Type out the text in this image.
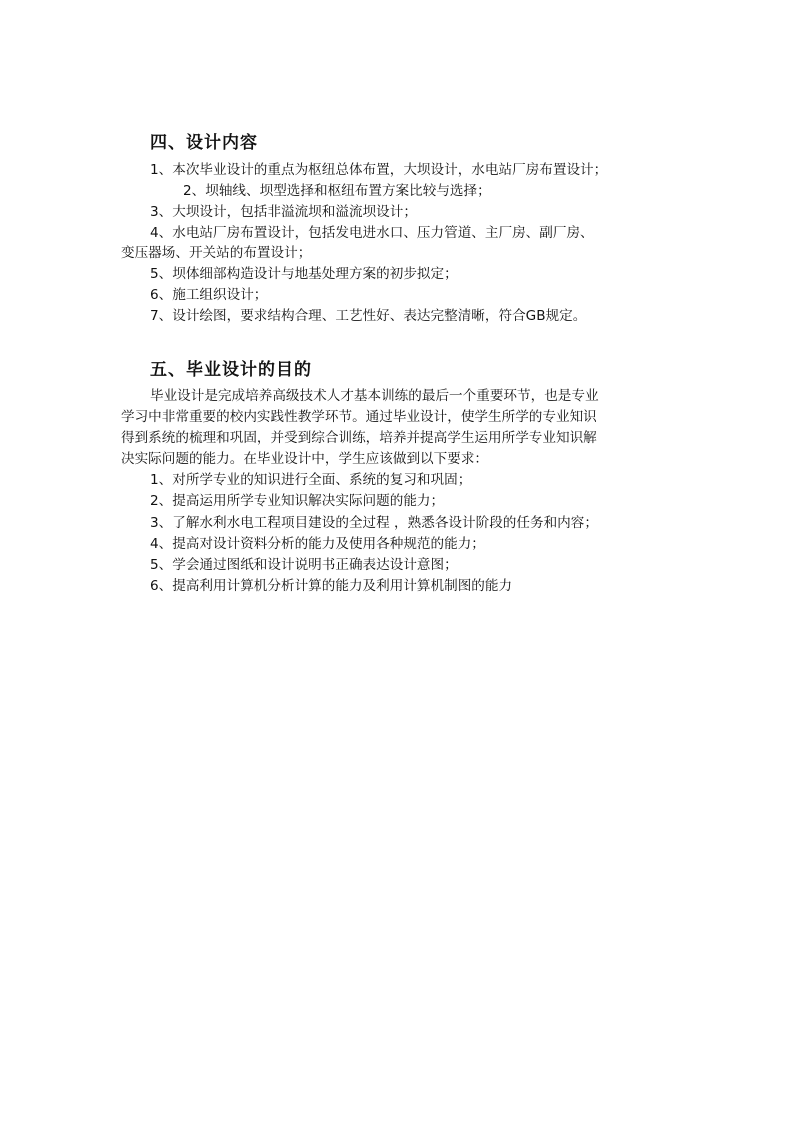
四、设计内容
1、本次毕业设计的重点为枢纽总体布置，大坝设计，水电站厂房布置设计；
2、坝轴线、坝型选择和枢纽布置方案比较与选择；
3、大坝设计，包括非溢流坝和溢流坝设计；
4、水电站厂房布置设计，包括发电进水口、压力管道、主厂房、副厂房、
变压器场、开关站的布置设计；
5、坝体细部构造设计与地基处理方案的初步拟定；
6、施工组织设计；
7、设计绘图，要求结构合理、工艺性好、表达完整清晰，符合GB规定。
五、毕业设计的目的
毕业设计是完成培养高级技术人才基本训练的最后一个重要环节，也是专业
学习中非常重要的校内实践性教学环节。通过毕业设计，使学生所学的专业知识
得到系统的梳理和巩固，并受到综合训练，培养并提高学生运用所学专业知识解
决实际问题的能力。在毕业设计中，学生应该做到以下要求：
1、对所学专业的知识进行全面、系统的复习和巩固；
2、提高运用所学专业知识解决实际问题的能力；
3、了解水利水电工程项目建设的全过程 ，熟悉各设计阶段的任务和内容；
4、提高对设计资料分析的能力及使用各种规范的能力；
5、学会通过图纸和设计说明书正确表达设计意图；
6、提高利用计算机分析计算的能力及利用计算机制图的能力
